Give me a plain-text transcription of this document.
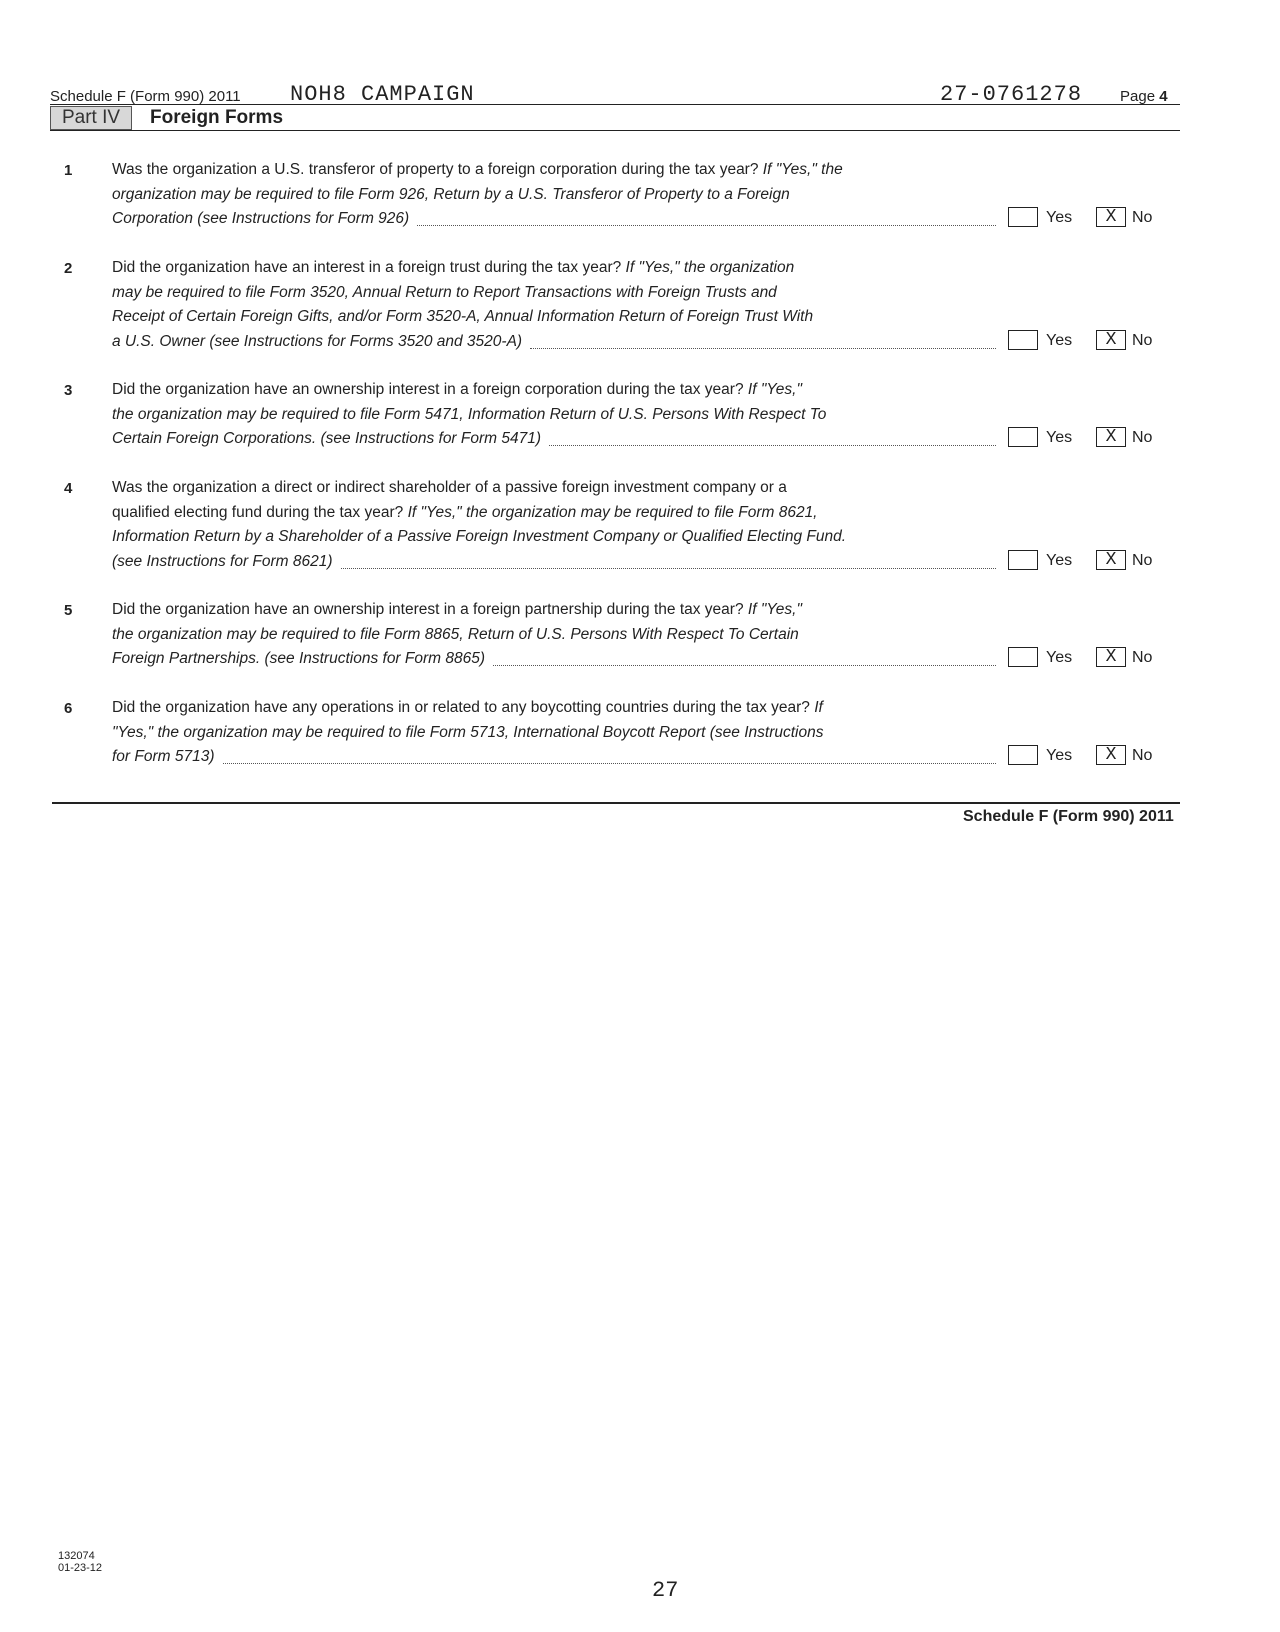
Schedule F (Form 990) 2011 NOH8 CAMPAIGN	27-0761278	Page 4
Part IV	Foreign Forms
1	Was the organization a U.S. transferor of property to a foreign corporation during the tax year? If "Yes," the
organization may be required to file Form 926, Return by a U.S. Transferor of Property to a Foreign
Corporation (see Instructions for Form 926)	Yes	X No
2	Did the organization have an interest in a foreign trust during the tax year? If "Yes," the organization
may be required to file Form 3520, Annual Return to Report Transactions with Foreign Trusts and
Receipt of Certain Foreign Gifts, and/or Form 3520-A, Annual Information Return of Foreign Trust With
a U.S. Owner (see Instructions for Forms 3520 and 3520-A)	Yes	X No
3	Did the organization have an ownership interest in a foreign corporation during the tax year? If "Yes,"
the organization may be required to file Form 5471, Information Return of U.S. Persons With Respect To
Certain Foreign Corporations. (see Instructions for Form 5471)	Yes	X No
4	Was the organization a direct or indirect shareholder of a passive foreign investment company or a
qualified electing fund during the tax year? If "Yes," the organization may be required to file Form 8621,
Information Return by a Shareholder of a Passive Foreign Investment Company or Qualified Electing Fund.
(see Instructions for Form 8621)	Yes	X No
5	Did the organization have an ownership interest in a foreign partnership during the tax year? If "Yes,"
the organization may be required to file Form 8865, Return of U.S. Persons With Respect To Certain
Foreign Partnerships. (see Instructions for Form 8865)	Yes	X No
6	Did the organization have any operations in or related to any boycotting countries during the tax year? If
"Yes," the organization may be required to file Form 5713, International Boycott Report (see Instructions
for Form 5713)	Yes	X No
Schedule F (Form 990) 2011
132074
01-23-12
27
